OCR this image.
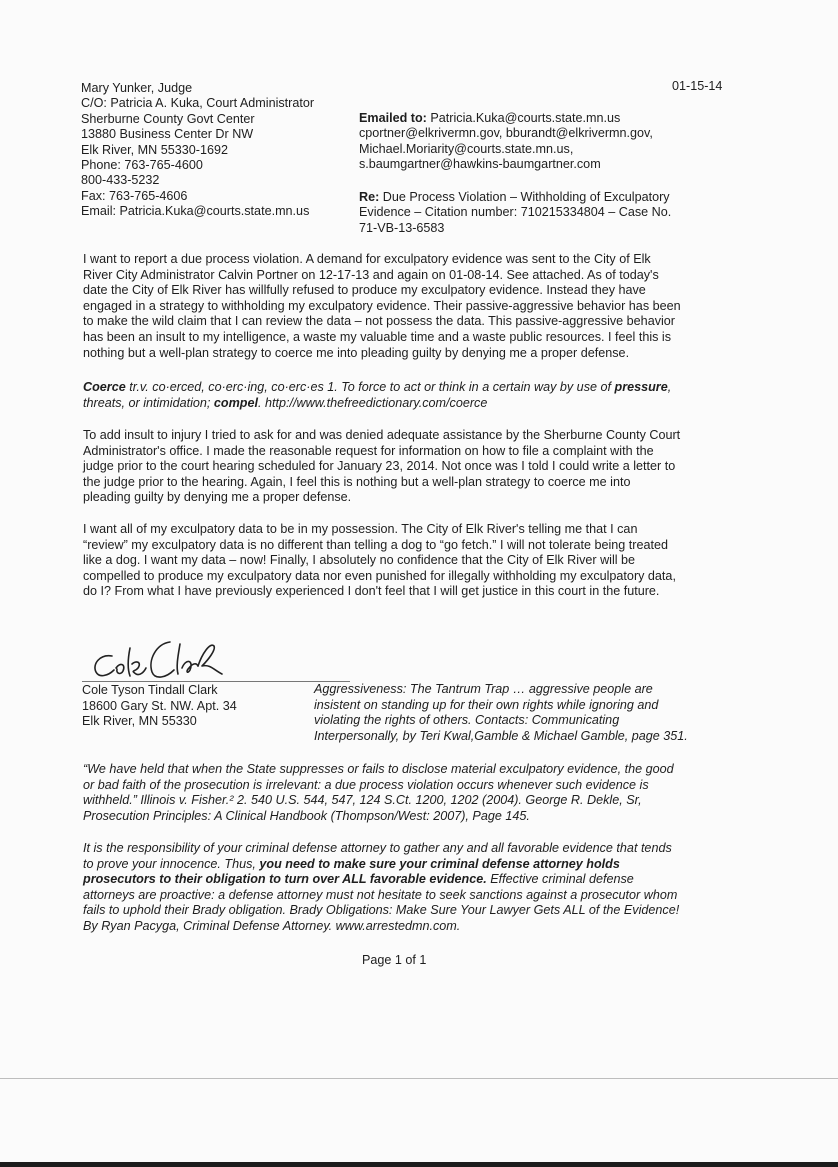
01-15-14
Mary Yunker, Judge
C/O: Patricia A. Kuka, Court Administrator
Sherburne County Govt Center
13880 Business Center Dr NW
Elk River, MN 55330-1692
Phone: 763-765-4600
800-433-5232
Fax: 763-765-4606
Email: Patricia.Kuka@courts.state.mn.us
Emailed to: Patricia.Kuka@courts.state.mn.us
cportner@elkrivermn.gov, bburandt@elkrivermn.gov,
Michael.Moriarity@courts.state.mn.us,
s.baumgartner@hawkins-baumgartner.com
Re: Due Process Violation – Withholding of Exculpatory
Evidence – Citation number: 710215334804 – Case No.
71-VB-13-6583
I want to report a due process violation. A demand for exculpatory evidence was sent to the City of Elk
River City Administrator Calvin Portner on 12-17-13 and again on 01-08-14. See attached. As of today's
date the City of Elk River has willfully refused to produce my exculpatory evidence. Instead they have
engaged in a strategy to withholding my exculpatory evidence. Their passive-aggressive behavior has been
to make the wild claim that I can review the data – not possess the data. This passive-aggressive behavior
has been an insult to my intelligence, a waste my valuable time and a waste public resources. I feel this is
nothing but a well-plan strategy to coerce me into pleading guilty by denying me a proper defense.
Coerce tr.v. co·erced, co·erc·ing, co·erc·es 1. To force to act or think in a certain way by use of pressure,
threats, or intimidation; compel. http://www.thefreedictionary.com/coerce
To add insult to injury I tried to ask for and was denied adequate assistance by the Sherburne County Court
Administrator's office. I made the reasonable request for information on how to file a complaint with the
judge prior to the court hearing scheduled for January 23, 2014. Not once was I told I could write a letter to
the judge prior to the hearing. Again, I feel this is nothing but a well-plan strategy to coerce me into
pleading guilty by denying me a proper defense.
I want all of my exculpatory data to be in my possession. The City of Elk River's telling me that I can
“review” my exculpatory data is no different than telling a dog to “go fetch.” I will not tolerate being treated
like a dog. I want my data – now! Finally, I absolutely no confidence that the City of Elk River will be
compelled to produce my exculpatory data nor even punished for illegally withholding my exculpatory data,
do I? From what I have previously experienced I don't feel that I will get justice in this court in the future.
Cole Tyson Tindall Clark
18600 Gary St. NW. Apt. 34
Elk River, MN 55330
Aggressiveness: The Tantrum Trap … aggressive people are
insistent on standing up for their own rights while ignoring and
violating the rights of others. Contacts: Communicating
Interpersonally, by Teri Kwal,Gamble & Michael Gamble, page 351.
“We have held that when the State suppresses or fails to disclose material exculpatory evidence, the good
or bad faith of the prosecution is irrelevant: a due process violation occurs whenever such evidence is
withheld.” Illinois v. Fisher.² 2. 540 U.S. 544, 547, 124 S.Ct. 1200, 1202 (2004). George R. Dekle, Sr,
Prosecution Principles: A Clinical Handbook (Thompson/West: 2007), Page 145.
It is the responsibility of your criminal defense attorney to gather any and all favorable evidence that tends
to prove your innocence. Thus, you need to make sure your criminal defense attorney holds
prosecutors to their obligation to turn over ALL favorable evidence. Effective criminal defense
attorneys are proactive: a defense attorney must not hesitate to seek sanctions against a prosecutor whom
fails to uphold their Brady obligation. Brady Obligations: Make Sure Your Lawyer Gets ALL of the Evidence!
By Ryan Pacyga, Criminal Defense Attorney. www.arrestedmn.com.
Page 1 of 1
